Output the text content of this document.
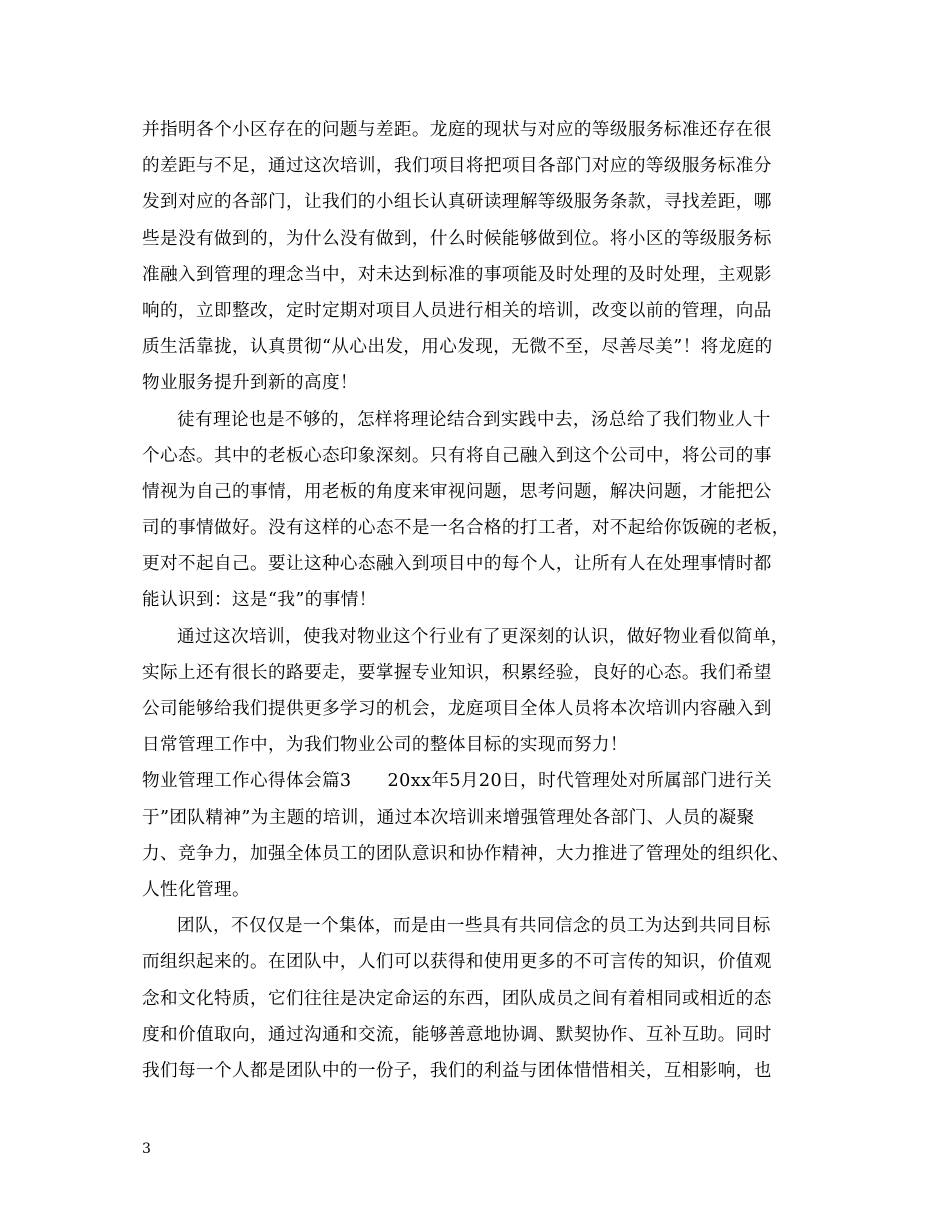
并指明各个小区存在的问题与差距。龙庭的现状与对应的等级服务标准还存在很
的差距与不足，通过这次培训，我们项目将把项目各部门对应的等级服务标准分
发到对应的各部门，让我们的小组长认真研读理解等级服务条款，寻找差距，哪
些是没有做到的，为什么没有做到，什么时候能够做到位。将小区的等级服务标
准融入到管理的理念当中，对未达到标准的事项能及时处理的及时处理，主观影
响的，立即整改，定时定期对项目人员进行相关的培训，改变以前的管理，向品
质生活靠拢，认真贯彻“从心出发，用心发现，无微不至，尽善尽美”！将龙庭的
物业服务提升到新的高度！
徒有理论也是不够的，怎样将理论结合到实践中去，汤总给了我们物业人十
个心态。其中的老板心态印象深刻。只有将自己融入到这个公司中，将公司的事
情视为自己的事情，用老板的角度来审视问题，思考问题，解决问题，才能把公
司的事情做好。没有这样的心态不是一名合格的打工者，对不起给你饭碗的老板，
更对不起自己。要让这种心态融入到项目中的每个人，让所有人在处理事情时都
能认识到：这是“我”的事情！
通过这次培训，使我对物业这个行业有了更深刻的认识，做好物业看似简单，
实际上还有很长的路要走，要掌握专业知识，积累经验，良好的心态。我们希望
公司能够给我们提供更多学习的机会，龙庭项目全体人员将本次培训内容融入到
日常管理工作中，为我们物业公司的整体目标的实现而努力！
物业管理工作心得体会篇3　　20xx年5月20日，时代管理处对所属部门进行关
于”团队精神”为主题的培训，通过本次培训来增强管理处各部门、人员的凝聚
力、竞争力，加强全体员工的团队意识和协作精神，大力推进了管理处的组织化、
人性化管理。
团队，不仅仅是一个集体，而是由一些具有共同信念的员工为达到共同目标
而组织起来的。在团队中，人们可以获得和使用更多的不可言传的知识，价值观
念和文化特质，它们往往是决定命运的东西，团队成员之间有着相同或相近的态
度和价值取向，通过沟通和交流，能够善意地协调、默契协作、互补互助。同时
我们每一个人都是团队中的一份子，我们的利益与团体惜惜相关，互相影响，也
3
